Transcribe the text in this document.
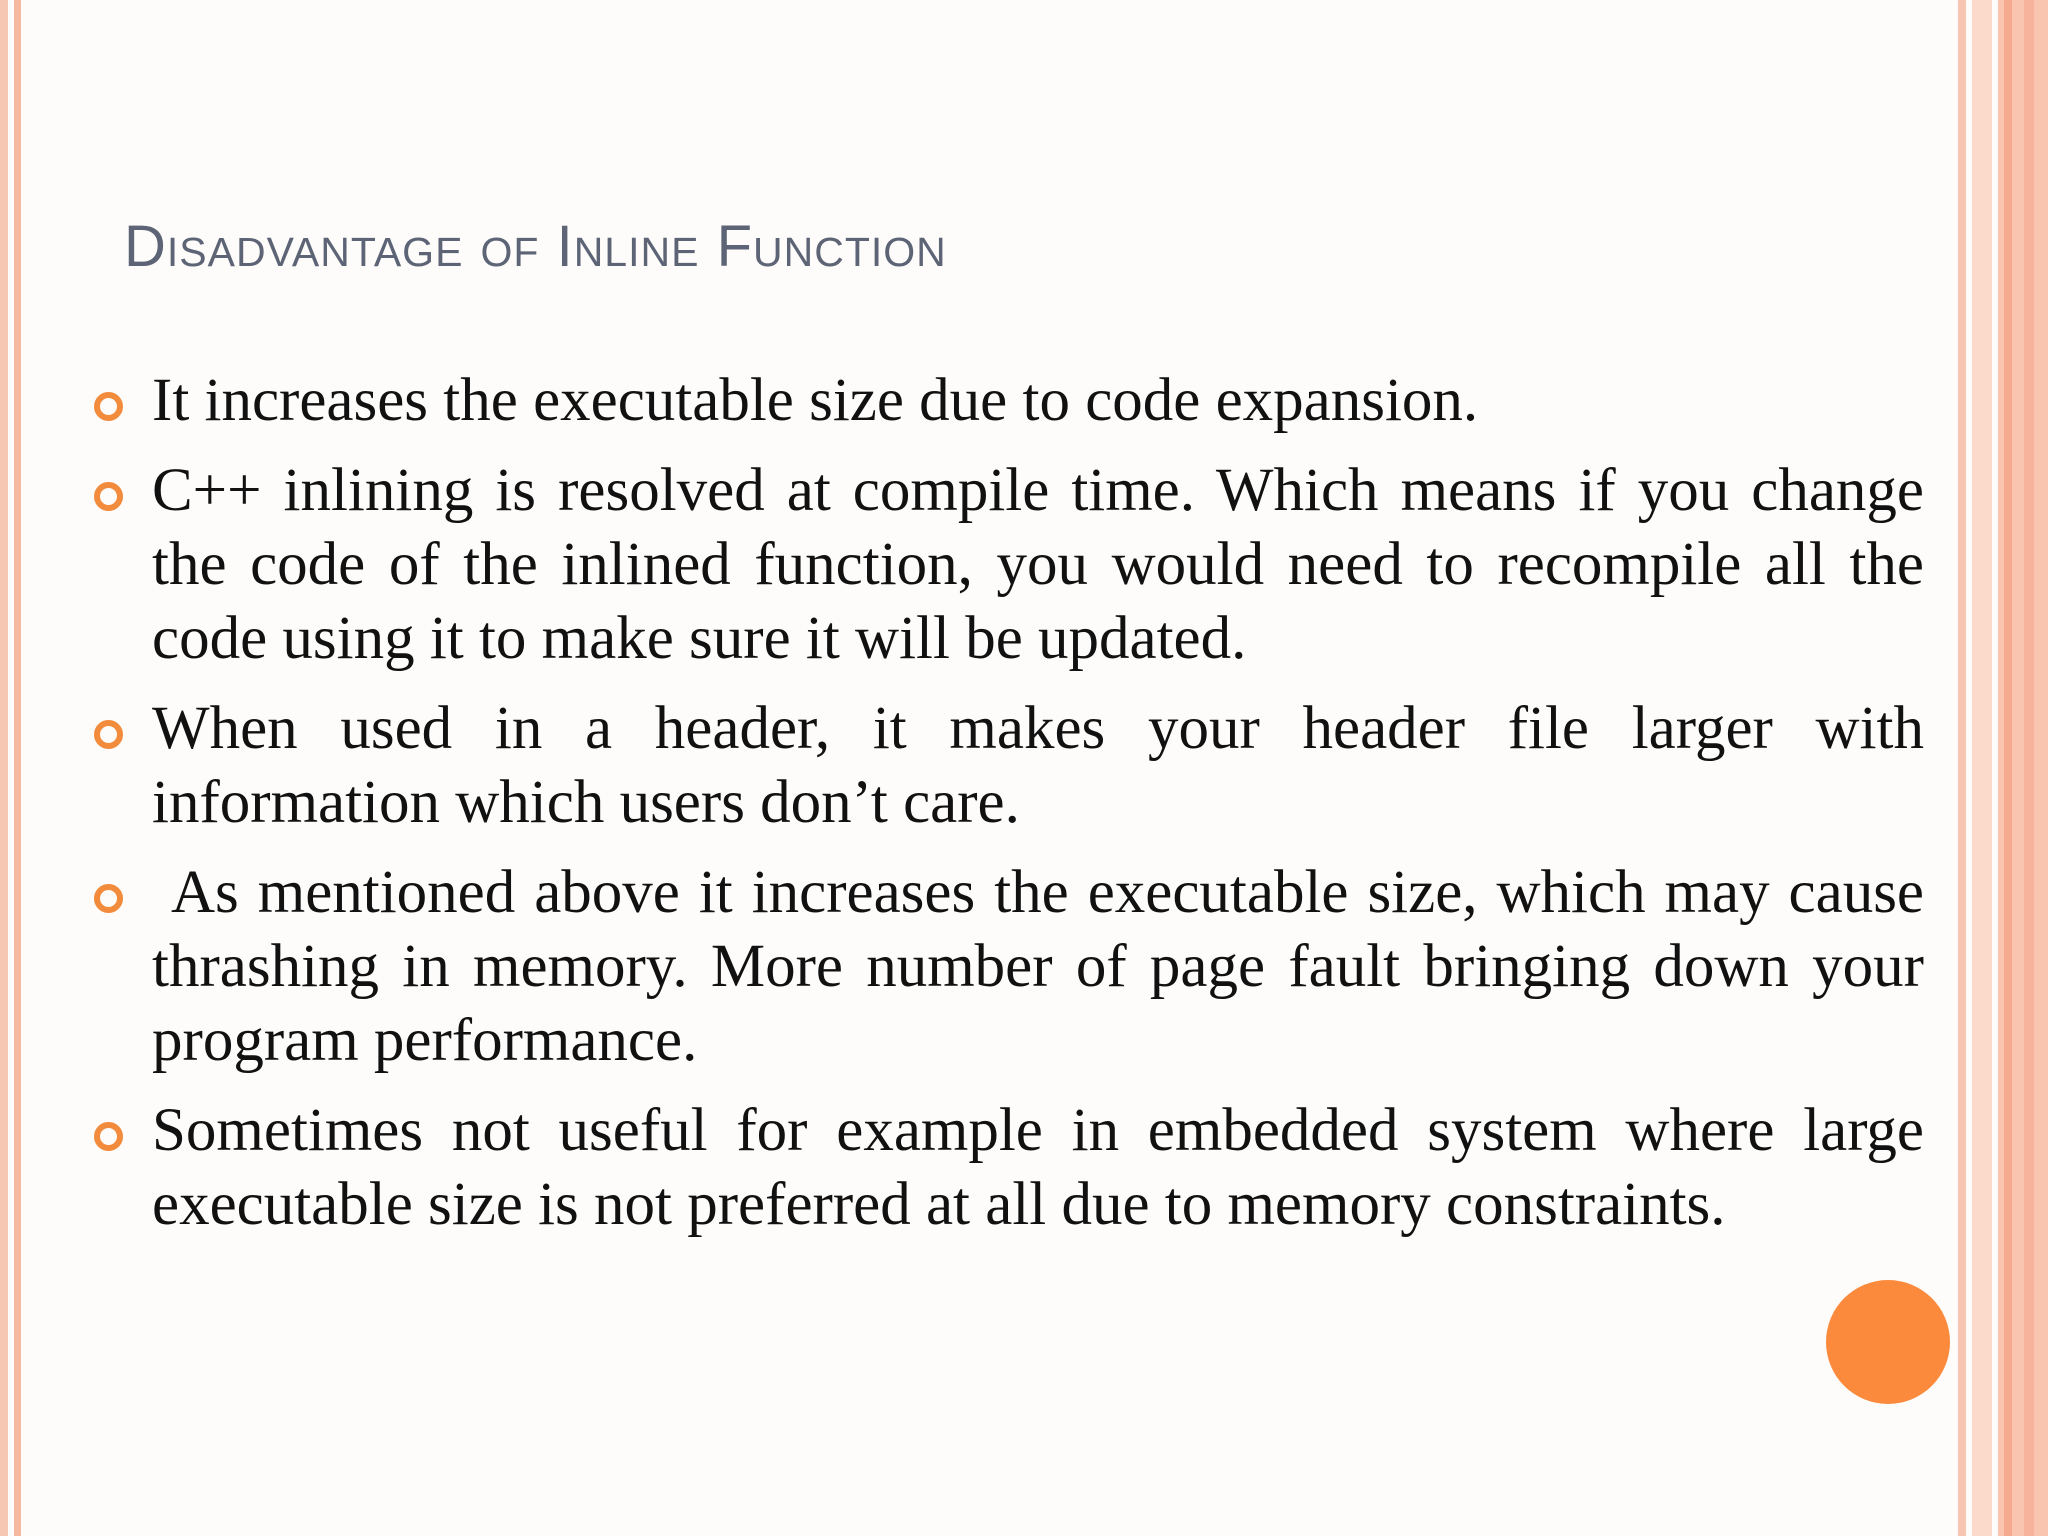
Disadvantage of Inline Function
It increases the executable size due to code expansion.
C++ inlining is resolved at compile time. Which means if you change the code of the inlined function, you would need to recompile all the code using it to make sure it will be updated.
When used in a header, it makes your header file larger with information which users don’t care.
As mentioned above it increases the executable size, which may cause thrashing in memory. More number of page fault bringing down your program performance.
Sometimes not useful for example in embedded system where large executable size is not preferred at all due to memory constraints.
